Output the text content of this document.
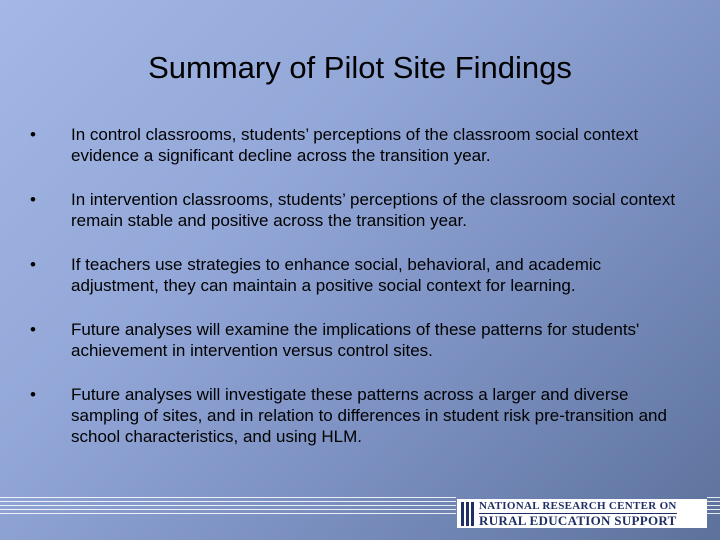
Summary of Pilot Site Findings
•	In control classrooms, students’ perceptions of the classroom social context evidence a significant decline across the transition year.
•	In intervention classrooms, students’ perceptions of the classroom social context remain stable and positive across the transition year.
•	If teachers use strategies to enhance social, behavioral, and academic adjustment, they can maintain a positive social context for learning.
•	Future analyses will examine the implications of these patterns for students' achievement in intervention versus control sites.
•	Future analyses will investigate these patterns across a larger and diverse sampling of sites, and in relation to differences in student risk pre-transition and school characteristics, and using HLM.
NATIONAL RESEARCH CENTER ON
RURAL EDUCATION SUPPORT
